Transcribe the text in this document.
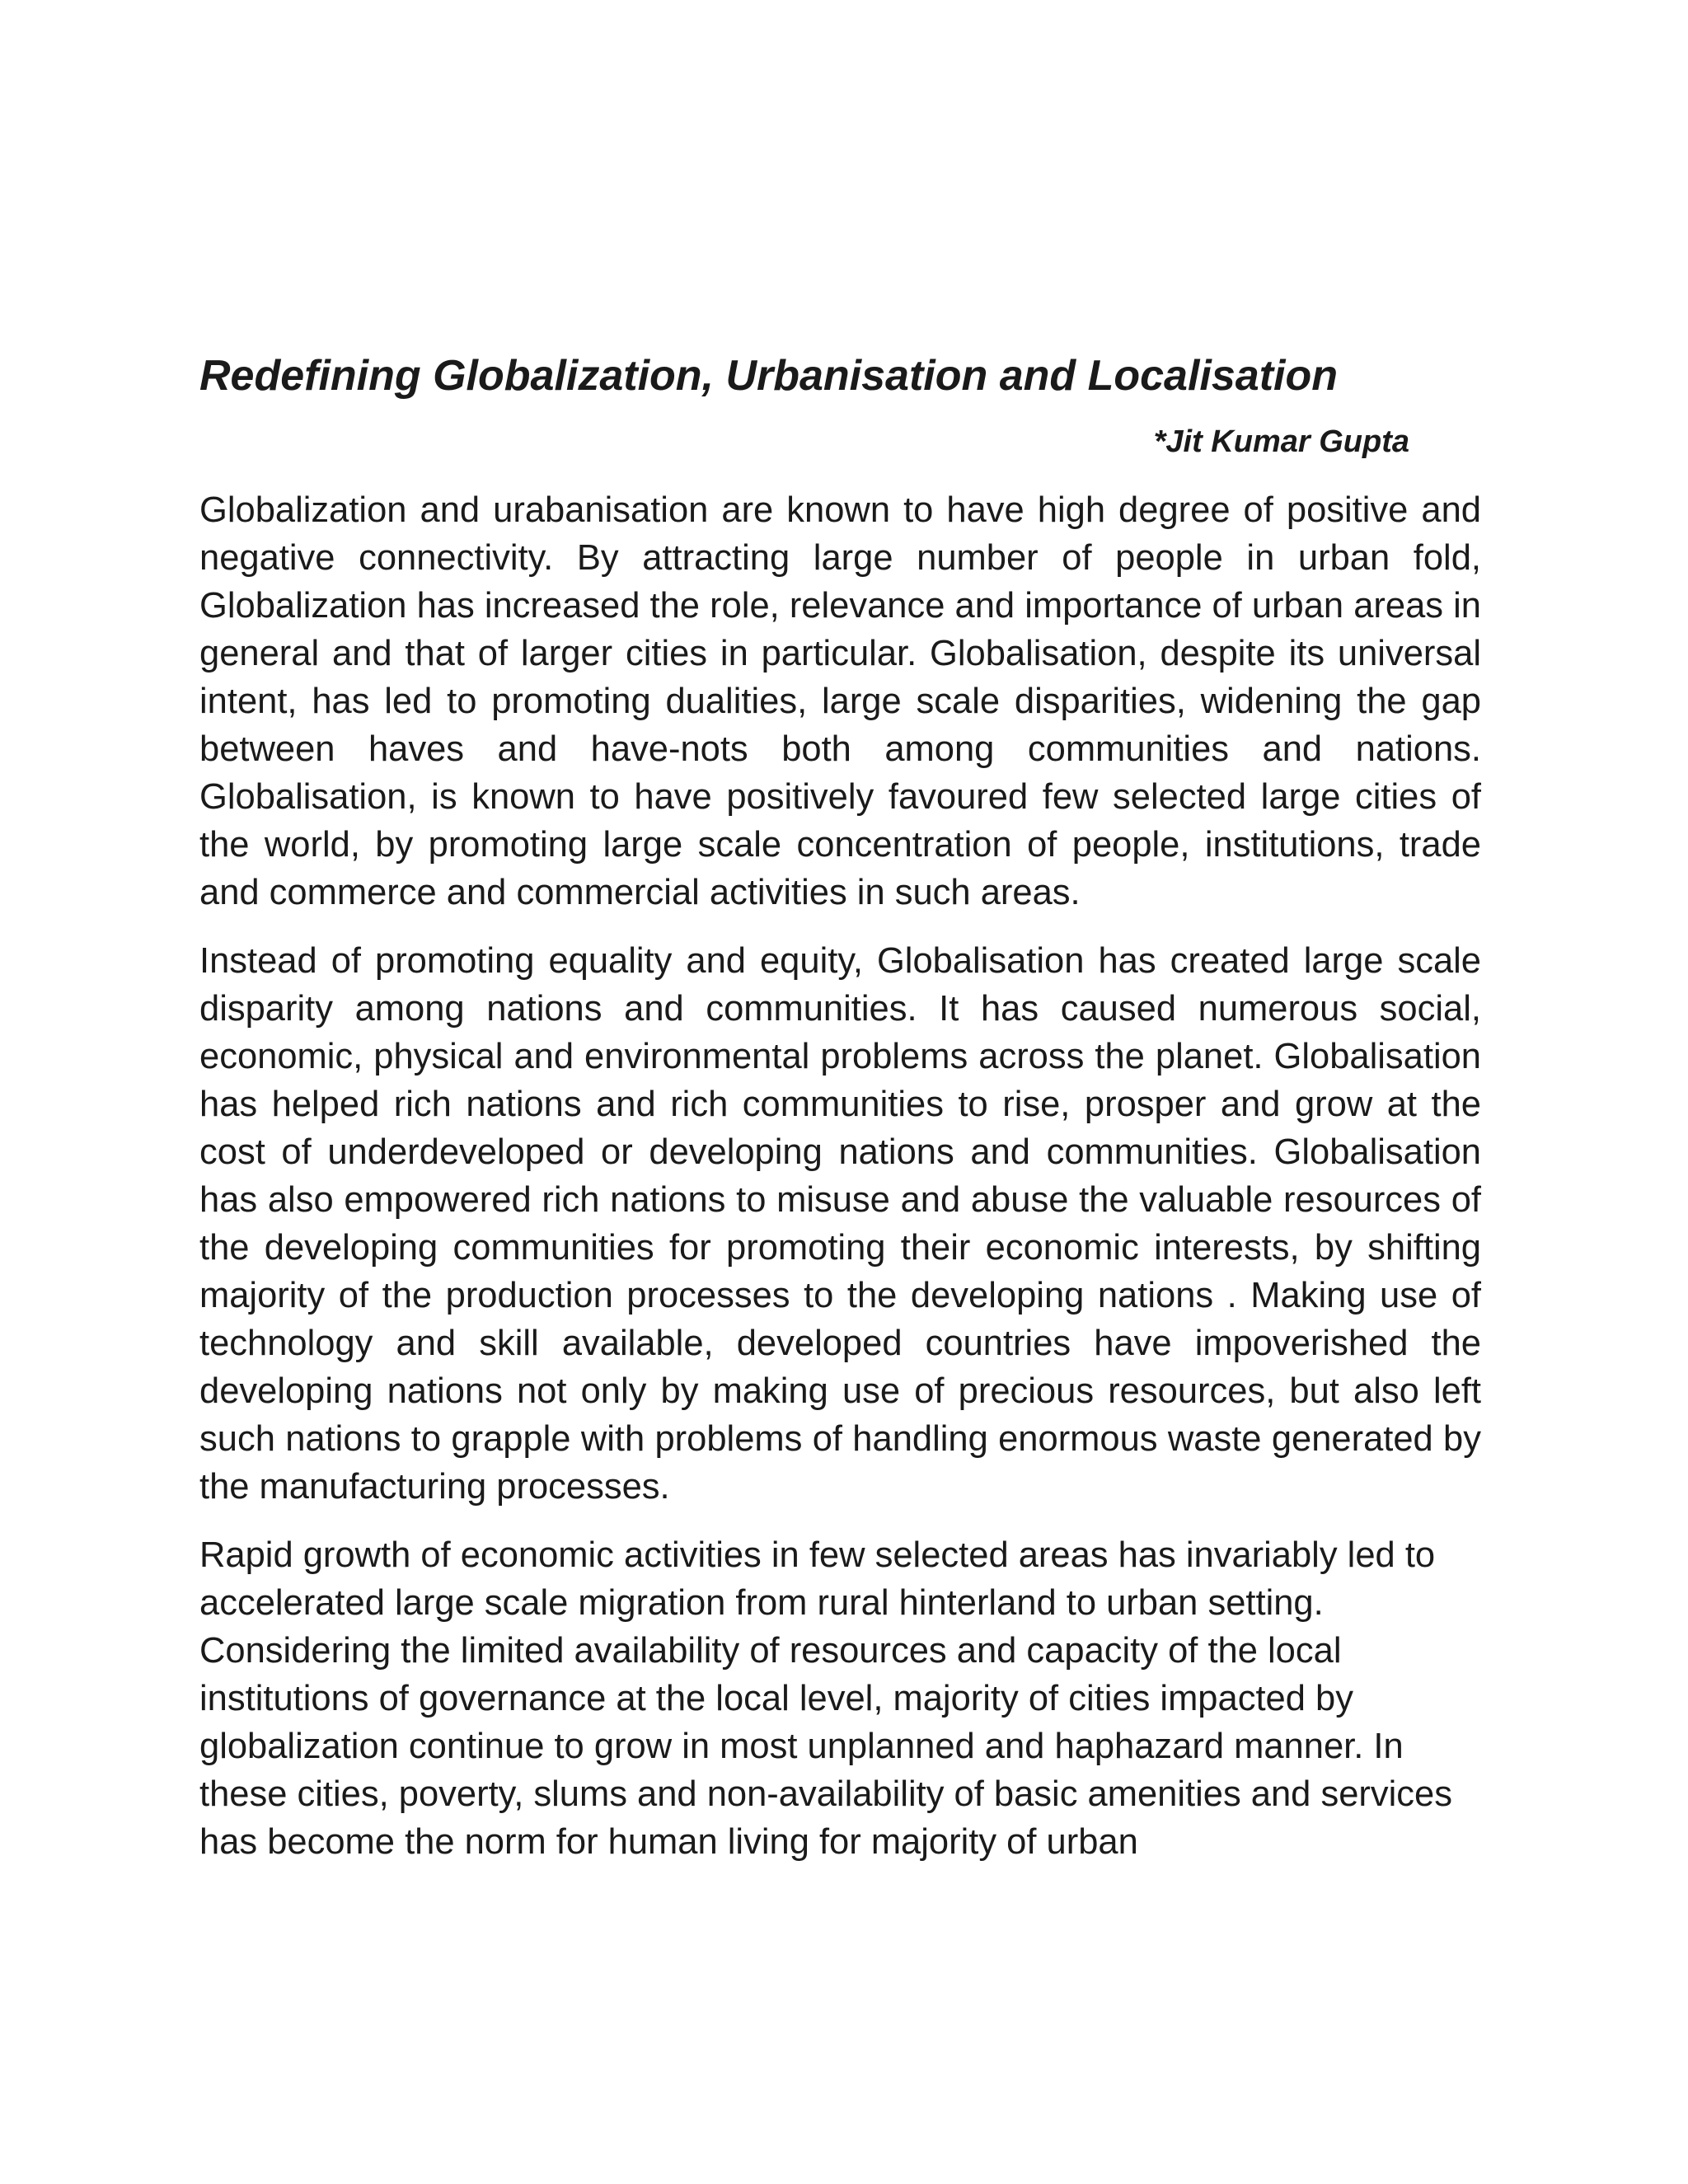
Redefining Globalization, Urbanisation and Localisation
*Jit Kumar Gupta

Globalization and urabanisation are known to have high degree of positive and negative connectivity. By attracting large number of people in urban fold, Globalization has increased the role, relevance and importance of urban areas in general and that of larger cities in particular. Globalisation, despite its universal intent, has led to promoting dualities, large scale disparities, widening the gap between haves and have-nots both among communities and nations. Globalisation, is known to have positively favoured few selected large cities of the world, by promoting large scale concentration of people, institutions, trade and commerce and commercial activities in such areas.

Instead of promoting equality and equity, Globalisation has created large scale disparity among nations and communities. It has caused numerous social, economic, physical and environmental problems across the planet. Globalisation has helped rich nations and rich communities to rise, prosper and grow at the cost of underdeveloped or developing nations and communities. Globalisation has also empowered rich nations to misuse and abuse the valuable resources of the developing communities for promoting their economic interests, by shifting majority of the production processes to the developing nations . Making use of technology and skill available, developed countries have impoverished the developing nations not only by making use of precious resources, but also left such nations to grapple with problems of handling enormous waste generated by the manufacturing processes.

Rapid growth of economic activities in few selected areas has invariably led to accelerated large scale migration from rural hinterland to urban setting. Considering the limited availability of resources and capacity of the local institutions of governance at the local level, majority of cities impacted by globalization continue to grow in most unplanned and haphazard manner. In these cities, poverty, slums and non-availability of basic amenities and services has become the norm for human living for majority of urban
